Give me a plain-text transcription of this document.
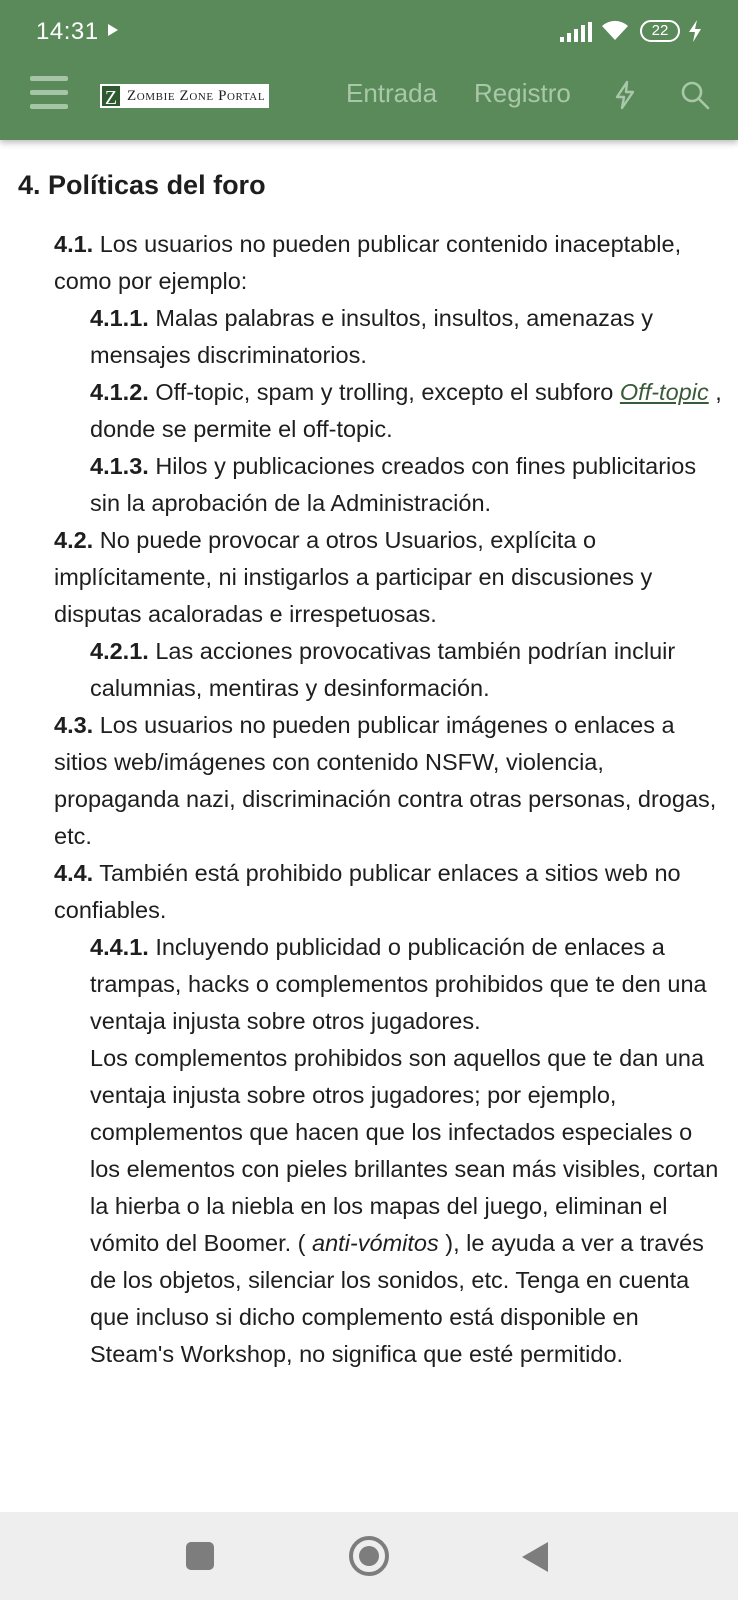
14:31	22
Z Zombie Zone Portal	Entrada Registro
4. Políticas del foro

4.1. Los usuarios no pueden publicar contenido inaceptable, como por ejemplo:

4.1.1. Malas palabras e insultos, insultos, amenazas y mensajes discriminatorios.

4.1.2. Off-topic, spam y trolling, excepto el subforo Off-topic , donde se permite el off-topic.

4.1.3. Hilos y publicaciones creados con fines publicitarios sin la aprobación de la Administración.

4.2. No puede provocar a otros Usuarios, explícita o implícitamente, ni instigarlos a participar en discusiones y disputas acaloradas e irrespetuosas.

4.2.1. Las acciones provocativas también podrían incluir calumnias, mentiras y desinformación.

4.3. Los usuarios no pueden publicar imágenes o enlaces a sitios web/imágenes con contenido NSFW, violencia, propaganda nazi, discriminación contra otras personas, drogas, etc.

4.4. También está prohibido publicar enlaces a sitios web no confiables.

4.4.1. Incluyendo publicidad o publicación de enlaces a trampas, hacks o complementos prohibidos que te den una ventaja injusta sobre otros jugadores.

Los complementos prohibidos son aquellos que te dan una ventaja injusta sobre otros jugadores; por ejemplo, complementos que hacen que los infectados especiales o los elementos con pieles brillantes sean más visibles, cortan la hierba o la niebla en los mapas del juego, eliminan el vómito del Boomer. ( anti-vómitos ), le ayuda a ver a través de los objetos, silenciar los sonidos, etc. Tenga en cuenta que incluso si dicho complemento está disponible en Steam's Workshop, no significa que esté permitido.
